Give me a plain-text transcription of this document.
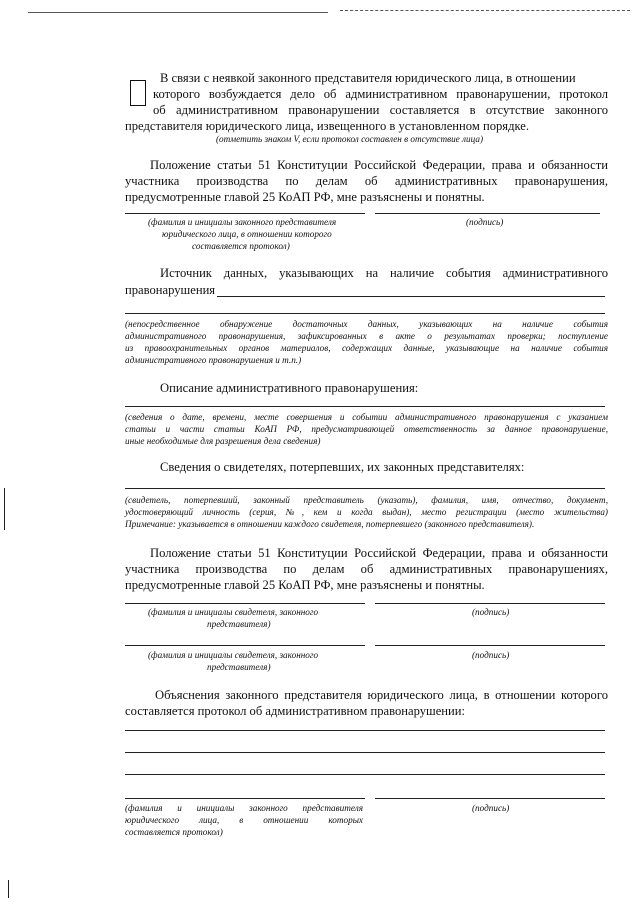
В связи с неявкой законного представителя юридического лица, в отношении
которого возбуждается дело об административном правонарушении, протокол
об административном правонарушении составляется в отсутствие законного
представителя юридического лица, извещенного в установленном порядке.
(отметить знаком V, если протокол составлен в отсутствие лица)
Положение статьи 51 Конституции Российской Федерации, права и обязанности
участника производства по делам об административных правонарушения,
предусмотренные главой 25 КоАП РФ, мне разъяснены и понятны.
(фамилия и инициалы законного представителя
юридического лица, в отношении которого
составляется протокол)
(подпись)
Источник данных, указывающих на наличие события административного
правонарушения
(непосредственное обнаружение достаточных данных, указывающих на наличие события
административного правонарушения, зафиксированных в акте о результатах проверки; поступление
из правоохранительных органов материалов, содержащих данные, указывающие на наличие события
административного правонарушения и т.п.)
Описание административного правонарушения:
(сведения о дате, времени, месте совершения и событии административного правонарушения с указанием
статьи и части статьи КоАП РФ, предусматривающей ответственность за данное правонарушение,
иные необходимые для разрешения дела сведения)
Сведения о свидетелях, потерпевших, их законных представителях:
(свидетель, потерпевший, законный представитель (указать), фамилия, имя, отчество, документ,
удостоверяющий личность (серия, №, кем и когда выдан), место регистрации (место жительства)
Примечание: указывается в отношении каждого свидетеля, потерпевшего (законного представителя).
Положение статьи 51 Конституции Российской Федерации, права и обязанности
участника производства по делам об административных правонарушениях,
предусмотренные главой 25 КоАП РФ, мне разъяснены и понятны.
(фамилия и инициалы свидетеля, законного
представителя)
(подпись)
(фамилия и инициалы свидетеля, законного
представителя)
(подпись)
Объяснения законного представителя юридического лица, в отношении которого
составляется протокол об административном правонарушении:
(фамилия и инициалы законного представителя
юридического лица, в отношении которых
составляется протокол)
(подпись)
